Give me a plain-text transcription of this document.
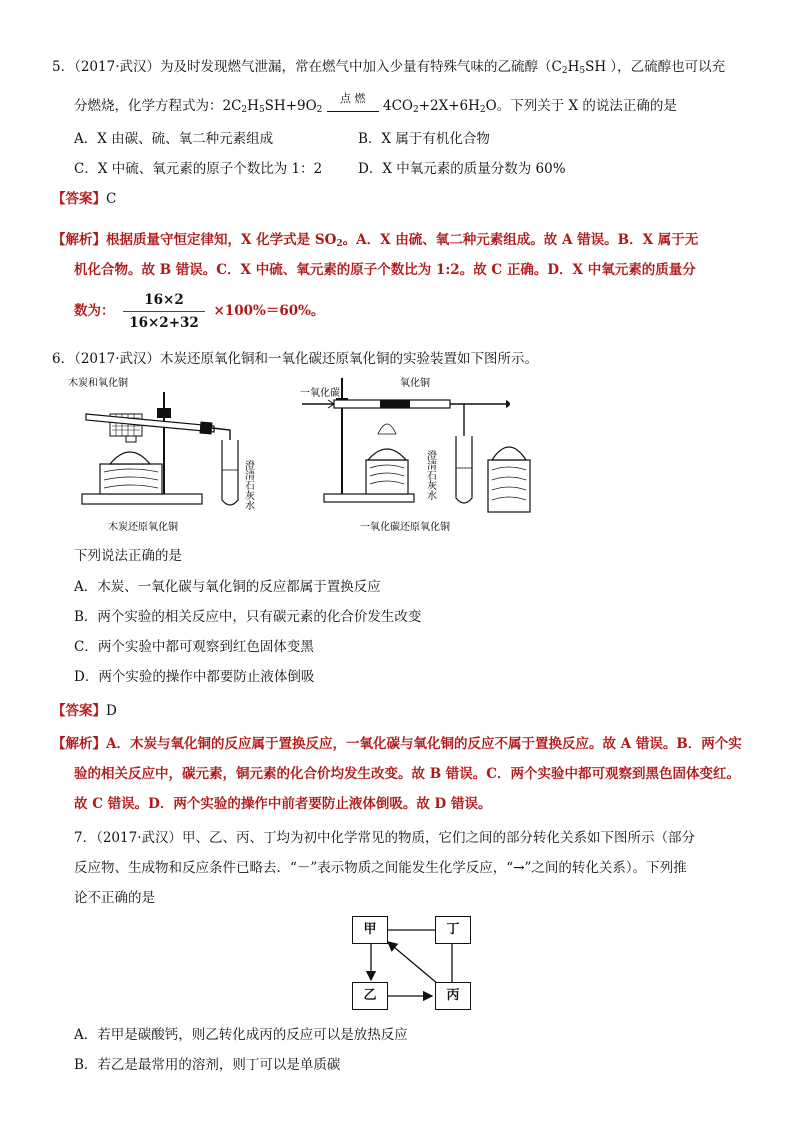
5．（2017·武汉）为及时发现燃气泄漏，常在燃气中加入少量有特殊气味的乙硫醇（$C_2H_5SH$ ），乙硫醇也可以充
分燃烧，化学方程式为：$2C_2H_5SH+9O_2$
点 燃	$4CO_2+2X+6H_2O$。下列关于 X 的说法正确的是
A．X 由碳、硫、氧二种元素组成	B．X 属于有机化合物
C．X 中硫、氧元素的原子个数比为 1：2	D．X 中氧元素的质量分数为 60%
【答案】C
【解析】根据质量守恒定律知，X 化学式是 $SO_2$。A．X 由硫、氧二种元素组成。故 A 错误。B．X 属于无
机化合物。故 B 错误。C．X 中硫、氧元素的原子个数比为 1:2。故 C 正确。D．X 中氧元素的质量分
数为： $\frac{16\times 2}{16\times 2+32} \times 100\%=60\%$。
6．（2017·武汉）木炭还原氧化铜和一氧化碳还原氧化铜的实验装置如下图所示。
木炭和氧化铜
澄清石灰水
木炭还原氧化铜
一氧化碳
氧化铜
澄清石灰水
一氧化碳还原氧化铜
下列说法正确的是
A．木炭、一氧化碳与氧化铜的反应都属于置换反应
B．两个实验的相关反应中，只有碳元素的化合价发生改变
C．两个实验中都可观察到红色固体变黑
D．两个实验的操作中都要防止液体倒吸
【答案】D
【解析】A．木炭与氧化铜的反应属于置换反应，一氧化碳与氧化铜的反应不属于置换反应。故 A 错误。B．两个实
验的相关反应中，碳元素，铜元素的化合价均发生改变。故 B 错误。C．两个实验中都可观察到黑色固体变红。
故 C 错误。D．两个实验的操作中前者要防止液体倒吸。故 D 错误。
7．（2017·武汉）甲、乙、丙、丁均为初中化学常见的物质，它们之间的部分转化关系如下图所示（部分
反应物、生成物和反应条件已略去．“－”表示物质之间能发生化学反应，“→”之间的转化关系）。下列推
论不正确的是
甲	丁
乙	丙
A．若甲是碳酸钙，则乙转化成丙的反应可以是放热反应
B．若乙是最常用的溶剂，则丁可以是单质碳
